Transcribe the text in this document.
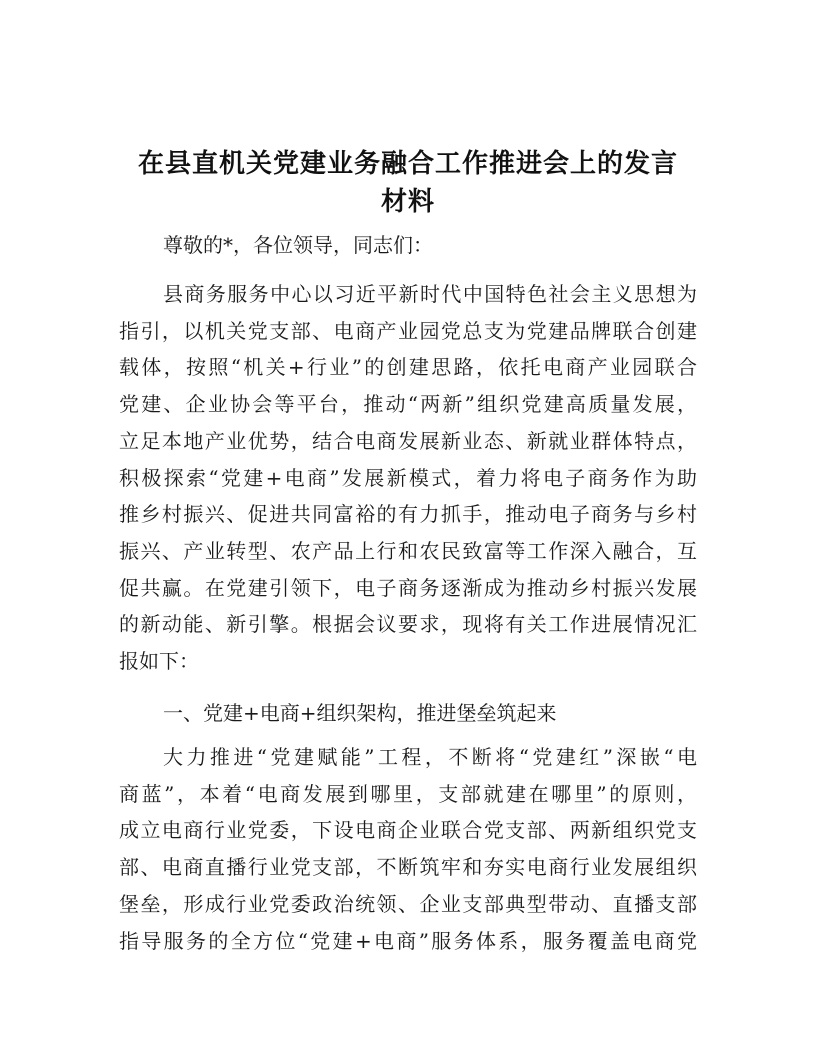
在县直机关党建业务融合工作推进会上的发言
材料
尊敬的*，各位领导，同志们：
县商务服务中心以习近平新时代中国特色社会主义思想为
指引，以机关党支部、电商产业园党总支为党建品牌联合创建
载体，按照“机关+行业”的创建思路，依托电商产业园联合
党建、企业协会等平台，推动“两新”组织党建高质量发展，
立足本地产业优势，结合电商发展新业态、新就业群体特点，
积极探索“党建+电商”发展新模式，着力将电子商务作为助
推乡村振兴、促进共同富裕的有力抓手，推动电子商务与乡村
振兴、产业转型、农产品上行和农民致富等工作深入融合，互
促共赢。在党建引领下，电子商务逐渐成为推动乡村振兴发展
的新动能、新引擎。根据会议要求，现将有关工作进展情况汇
报如下：
一、党建+电商+组织架构，推进堡垒筑起来
大力推进“党建赋能”工程，不断将“党建红”深嵌“电
商蓝”，本着“电商发展到哪里，支部就建在哪里”的原则，
成立电商行业党委，下设电商企业联合党支部、两新组织党支
部、电商直播行业党支部，不断筑牢和夯实电商行业发展组织
堡垒，形成行业党委政治统领、企业支部典型带动、直播支部
指导服务的全方位“党建+电商”服务体系，服务覆盖电商党
